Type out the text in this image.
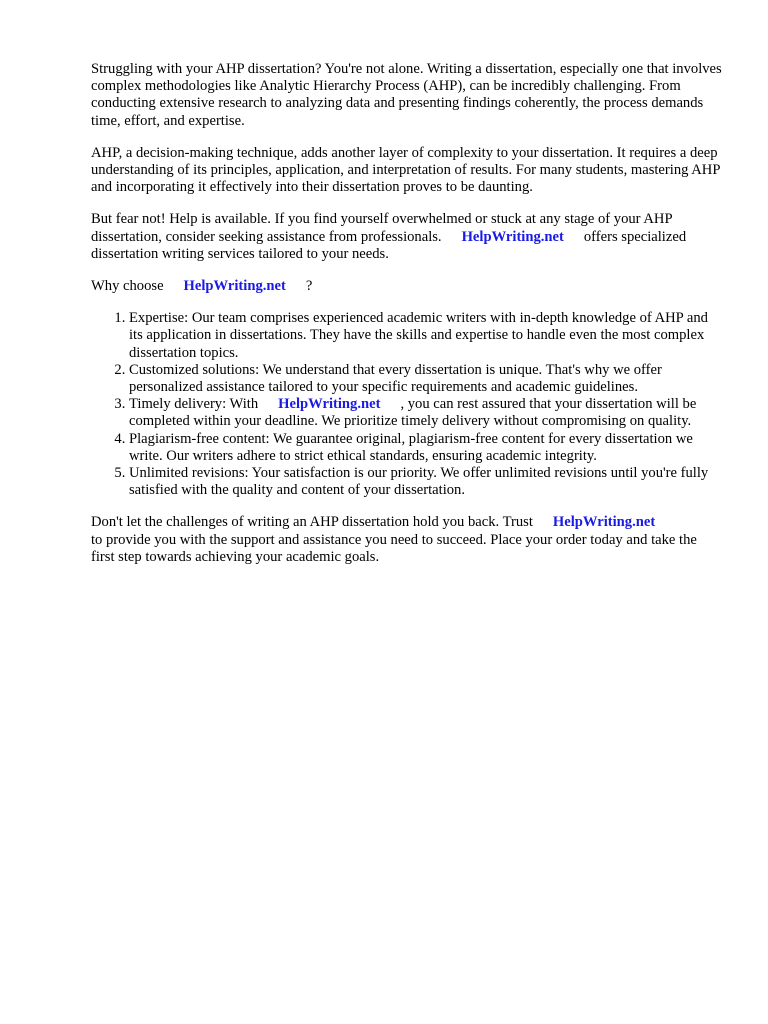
Struggling with your AHP dissertation? You're not alone. Writing a dissertation, especially one that involves complex methodologies like Analytic Hierarchy Process (AHP), can be incredibly challenging. From conducting extensive research to analyzing data and presenting findings coherently, the process demands time, effort, and expertise.

AHP, a decision-making technique, adds another layer of complexity to your dissertation. It requires a deep understanding of its principles, application, and interpretation of results. For many students, mastering AHP and incorporating it effectively into their dissertation proves to be daunting.

But fear not! Help is available. If you find yourself overwhelmed or stuck at any stage of your AHP dissertation, consider seeking assistance from professionals. HelpWriting.net offers specialized dissertation writing services tailored to your needs.

Why choose HelpWriting.net ?

1. Expertise: Our team comprises experienced academic writers with in-depth knowledge of AHP and its application in dissertations. They have the skills and expertise to handle even the most complex dissertation topics.
2. Customized solutions: We understand that every dissertation is unique. That's why we offer personalized assistance tailored to your specific requirements and academic guidelines.
3. Timely delivery: With HelpWriting.net , you can rest assured that your dissertation will be completed within your deadline. We prioritize timely delivery without compromising on quality.
4. Plagiarism-free content: We guarantee original, plagiarism-free content for every dissertation we write. Our writers adhere to strict ethical standards, ensuring academic integrity.
5. Unlimited revisions: Your satisfaction is our priority. We offer unlimited revisions until you're fully satisfied with the quality and content of your dissertation.

Don't let the challenges of writing an AHP dissertation hold you back. Trust HelpWriting.net
to provide you with the support and assistance you need to succeed. Place your order today and take the first step towards achieving your academic goals.
